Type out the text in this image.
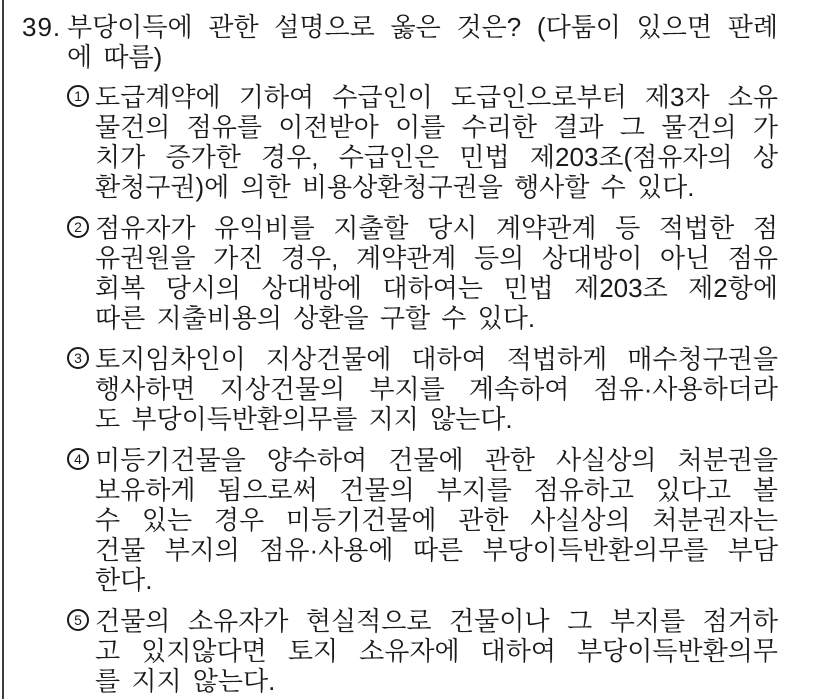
39. 부당이득에 관한 설명으로 옳은 것은? (다툼이 있으면 판례
에 따름)
1 도급계약에 기하여 수급인이 도급인으로부터 제3자 소유
물건의 점유를 이전받아 이를 수리한 결과 그 물건의 가
치가 증가한 경우, 수급인은 민법 제203조(점유자의 상
환청구권)에 의한 비용상환청구권을 행사할 수 있다.
2 점유자가 유익비를 지출할 당시 계약관계 등 적법한 점
유권원을 가진 경우, 계약관계 등의 상대방이 아닌 점유
회복 당시의 상대방에 대하여는 민법 제203조 제2항에
따른 지출비용의 상환을 구할 수 있다.
3 토지임차인이 지상건물에 대하여 적법하게 매수청구권을
행사하면 지상건물의 부지를 계속하여 점유·사용하더라
도 부당이득반환의무를 지지 않는다.
4 미등기건물을 양수하여 건물에 관한 사실상의 처분권을
보유하게 됨으로써 건물의 부지를 점유하고 있다고 볼
수 있는 경우 미등기건물에 관한 사실상의 처분권자는
건물 부지의 점유·사용에 따른 부당이득반환의무를 부담
한다.
5 건물의 소유자가 현실적으로 건물이나 그 부지를 점거하
고 있지않다면 토지 소유자에 대하여 부당이득반환의무
를 지지 않는다.
